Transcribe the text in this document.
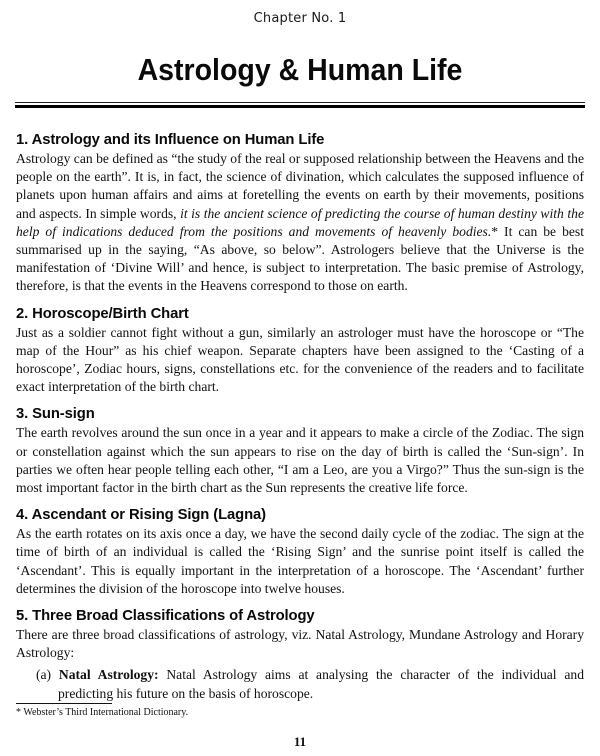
Chapter No. 1
Astrology & Human Life
1. Astrology and its Influence on Human Life

Astrology can be defined as “the study of the real or supposed relationship between the Heavens and the people on the earth”. It is, in fact, the science of divination, which calculates the supposed influence of planets upon human affairs and aims at foretelling the events on earth by their movements, positions and aspects. In simple words, it is the ancient science of predicting the course of human destiny with the help of indications deduced from the positions and movements of heavenly bodies.* It can be best summarised up in the saying, “As above, so below”. Astrologers believe that the Universe is the manifestation of ‘Divine Will’ and hence, is subject to interpretation. The basic premise of Astrology, therefore, is that the events in the Heavens correspond to those on earth.

2. Horoscope/Birth Chart

Just as a soldier cannot fight without a gun, similarly an astrologer must have the horoscope or “The map of the Hour” as his chief weapon. Separate chapters have been assigned to the ‘Casting of a horoscope’, Zodiac hours, signs, constellations etc. for the convenience of the readers and to facilitate exact interpretation of the birth chart.

3. Sun-sign

The earth revolves around the sun once in a year and it appears to make a circle of the Zodiac. The sign or constellation against which the sun appears to rise on the day of birth is called the ‘Sun-sign’. In parties we often hear people telling each other, “I am a Leo, are you a Virgo?” Thus the sun-sign is the most important factor in the birth chart as the Sun represents the creative life force.

4. Ascendant or Rising Sign (Lagna)

As the earth rotates on its axis once a day, we have the second daily cycle of the zodiac. The sign at the time of birth of an individual is called the ‘Rising Sign’ and the sunrise point itself is called the ‘Ascendant’. This is equally important in the interpretation of a horoscope. The ‘Ascendant’ further determines the division of the horoscope into twelve houses.

5. Three Broad Classifications of Astrology

There are three broad classifications of astrology, viz. Natal Astrology, Mundane Astrology and Horary Astrology:

(a) Natal Astrology: Natal Astrology aims at analysing the character of the individual and predicting his future on the basis of horoscope.

* Webster’s Third International Dictionary.
11
